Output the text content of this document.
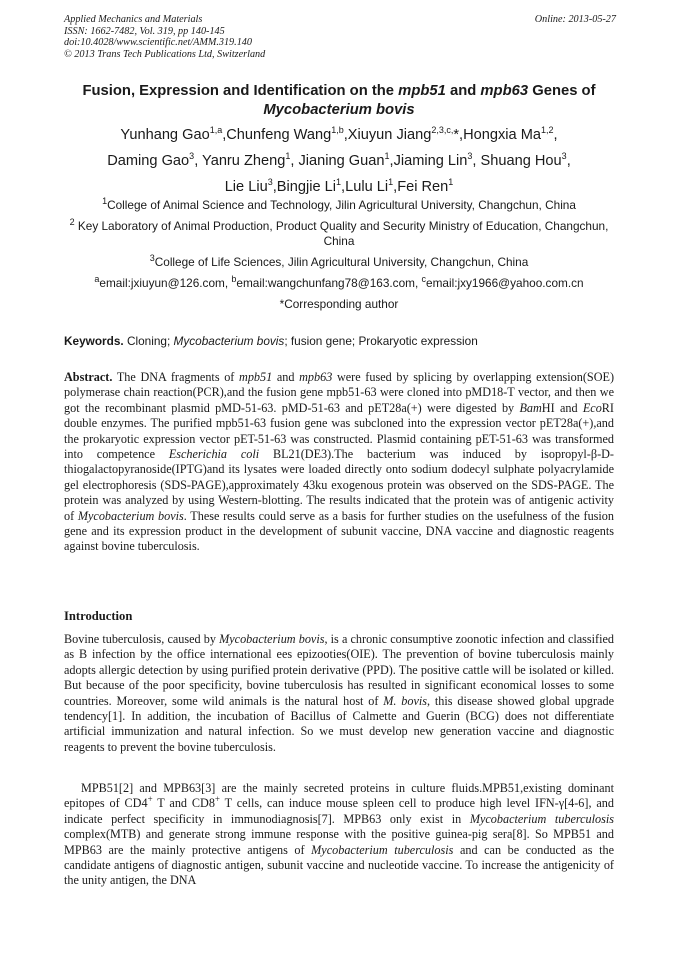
Applied Mechanics and Materials
ISSN: 1662-7482, Vol. 319, pp 140-145
doi:10.4028/www.scientific.net/AMM.319.140
© 2013 Trans Tech Publications Ltd, Switzerland
Online: 2013-05-27
Fusion, Expression and Identification on the mpb51 and mpb63 Genes of
Mycobacterium bovis
Yunhang Gao$^{1,a}$,Chunfeng Wang$^{1,b}$,Xiuyun Jiang$^{2,3,c,}$*,Hongxia Ma$^{1,2}$,
Daming Gao$^3$, Yanru Zheng$^1$, Jianing Guan$^1$,Jiaming Lin$^3$, Shuang Hou$^3$,
Lie Liu$^3$,Bingjie Li$^1$,Lulu Li$^1$,Fei Ren$^1$
$^1$College of Animal Science and Technology, Jilin Agricultural University, Changchun, China
$^2$ Key Laboratory of Animal Production, Product Quality and Security Ministry of Education, Changchun, China
$^3$College of Life Sciences, Jilin Agricultural University, Changchun, China
$^a$email:jxiuyun@126.com, $^b$email:wangchunfang78@163.com, $^c$email:jxy1966@yahoo.com.cn
*Corresponding author
Keywords. Cloning; Mycobacterium bovis; fusion gene; Prokaryotic expression
Abstract. The DNA fragments of mpb51 and mpb63 were fused by splicing by overlapping extension(SOE) polymerase chain reaction(PCR),and the fusion gene mpb51-63 were cloned into pMD18-T vector, and then we got the recombinant plasmid pMD-51-63. pMD-51-63 and pET28a(+) were digested by BamHI and EcoRI double enzymes. The purified mpb51-63 fusion gene was subcloned into the expression vector pET28a(+),and the prokaryotic expression vector pET-51-63 was constructed. Plasmid containing pET-51-63 was transformed into competence Escherichia coli BL21(DE3).The bacterium was induced by isopropyl-β-D-thiogalactopyranoside(IPTG)and its lysates were loaded directly onto sodium dodecyl sulphate polyacrylamide gel electrophoresis (SDS-PAGE),approximately 43ku exogenous protein was observed on the SDS-PAGE. The protein was analyzed by using Western-blotting. The results indicated that the protein was of antigenic activity of Mycobacterium bovis. These results could serve as a basis for further studies on the usefulness of the fusion gene and its expression product in the development of subunit vaccine, DNA vaccine and diagnostic reagents against bovine tuberculosis.
Introduction
Bovine tuberculosis, caused by Mycobacterium bovis, is a chronic consumptive zoonotic infection and classified as B infection by the office international ees epizooties(OIE). The prevention of bovine tuberculosis mainly adopts allergic detection by using purified protein derivative (PPD). The positive cattle will be isolated or killed. But because of the poor specificity, bovine tuberculosis has resulted in significant economical losses to some countries. Moreover, some wild animals is the natural host of M. bovis, this disease showed global upgrade tendency[1]. In addition, the incubation of Bacillus of Calmette and Guerin (BCG) does not differentiate artificial immunization and natural infection. So we must develop new generation vaccine and diagnostic reagents to prevent the bovine tuberculosis.
MPB51[2] and MPB63[3] are the mainly secreted proteins in culture fluids.MPB51,existing dominant epitopes of CD4+ T and CD8+ T cells, can induce mouse spleen cell to produce high level IFN-γ[4-6], and indicate perfect specificity in immunodiagnosis[7]. MPB63 only exist in Mycobacterium tuberculosis complex(MTB) and generate strong immune response with the positive guinea-pig sera[8]. So MPB51 and MPB63 are the mainly protective antigens of Mycobacterium tuberculosis and can be conducted as the candidate antigens of diagnostic antigen, subunit vaccine and nucleotide vaccine. To increase the antigenicity of the unity antigen, the DNA
